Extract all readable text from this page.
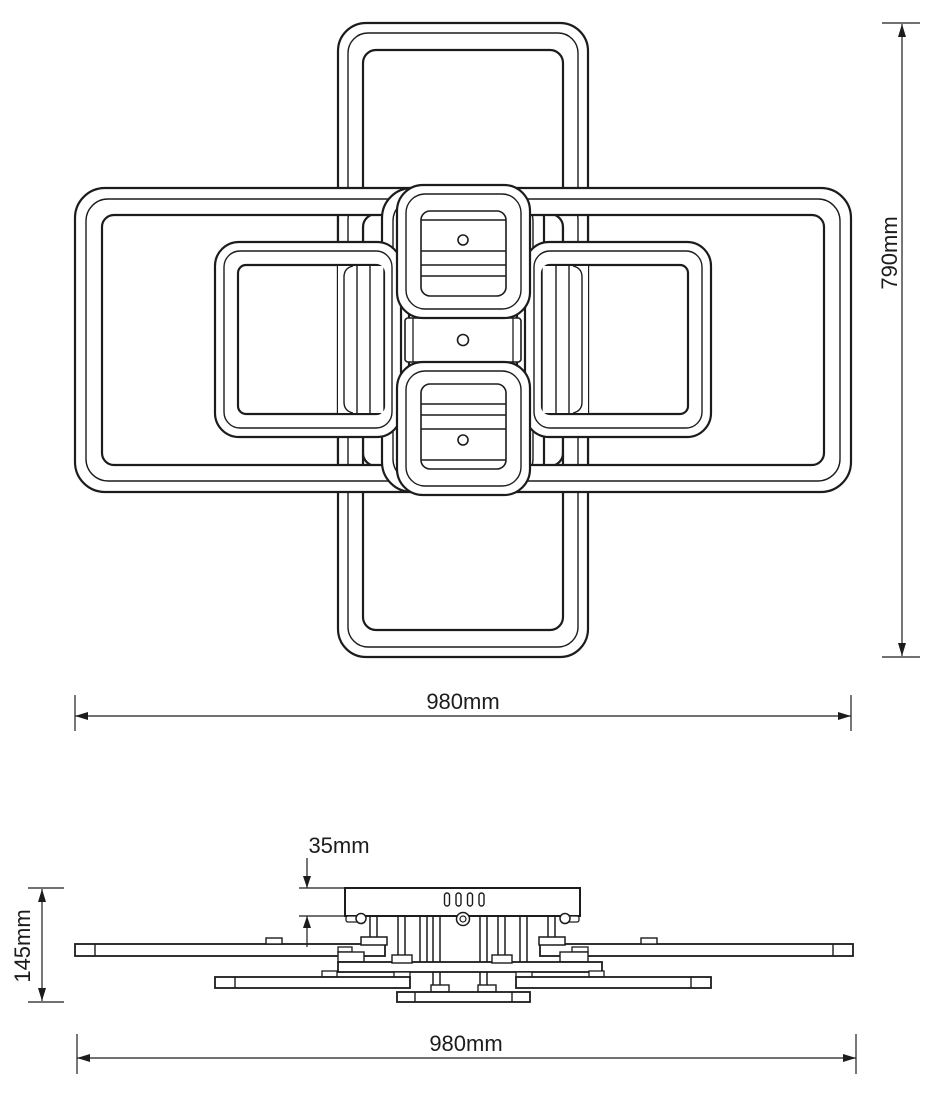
790mm
980mm
35mm
145mm
980mm
